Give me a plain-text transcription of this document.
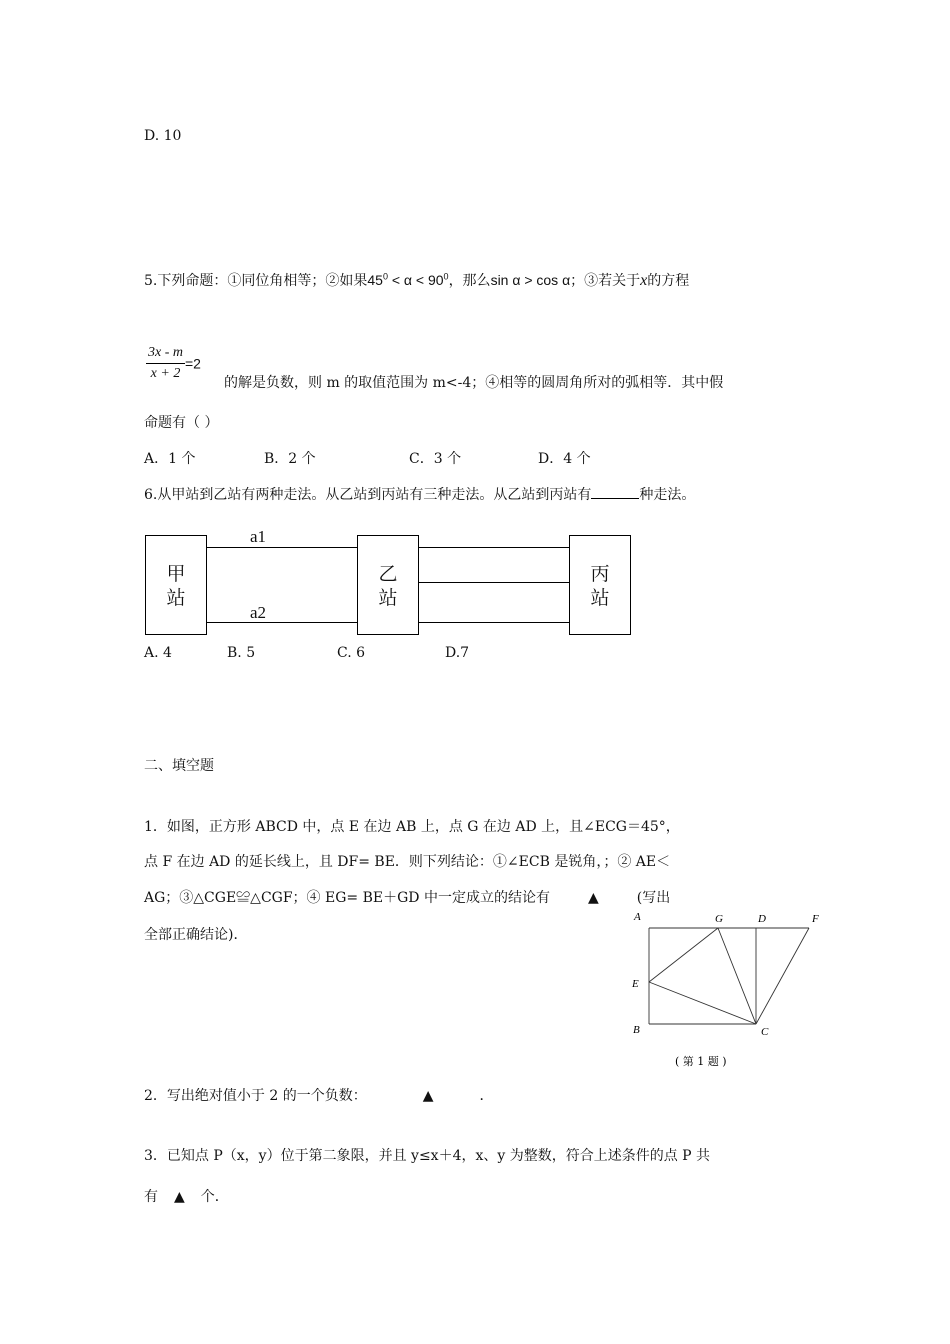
D. 10
5.下列命题：①同位角相等；②如果$45^0 < \alpha < 90^0$，那么sin α > cos α；③若关于x的方程
$\frac{3x - m}{x + 2} =2$
的解是负数，则 m 的取值范围为 m<-4；④相等的圆周角所对的弧相等．其中假
命题有（ ）
A．1 个	B．2 个	C．3 个	D．4 个
6.从甲站到乙站有两种走法。从乙站到丙站有三种走法。从乙站到丙站有	种走法。
甲
站
乙
站
丙
站
a1
a2
A. 4	B. 5	C. 6	D.7
二、填空题
1．如图，正方形 ABCD 中，点 E 在边 AB 上，点 G 在边 AD 上，且∠ECG＝45°，
点 F 在边 AD 的延长线上，且 DF= BE．则下列结论：①∠ECB 是锐角，；② AE＜
AG；③△CGE≌△CGF；④ EG= BE＋GD 中一定成立的结论有	▲	(写出
全部正确结论)．
A	G	D	F
E
B	C
( 第 1 题 )
2．写出绝对值小于 2 的一个负数：	▲	．
3．已知点 P（x，y）位于第二象限，并且 y≤x＋4，x、y 为整数，符合上述条件的点 P 共
有 ▲ 个．
